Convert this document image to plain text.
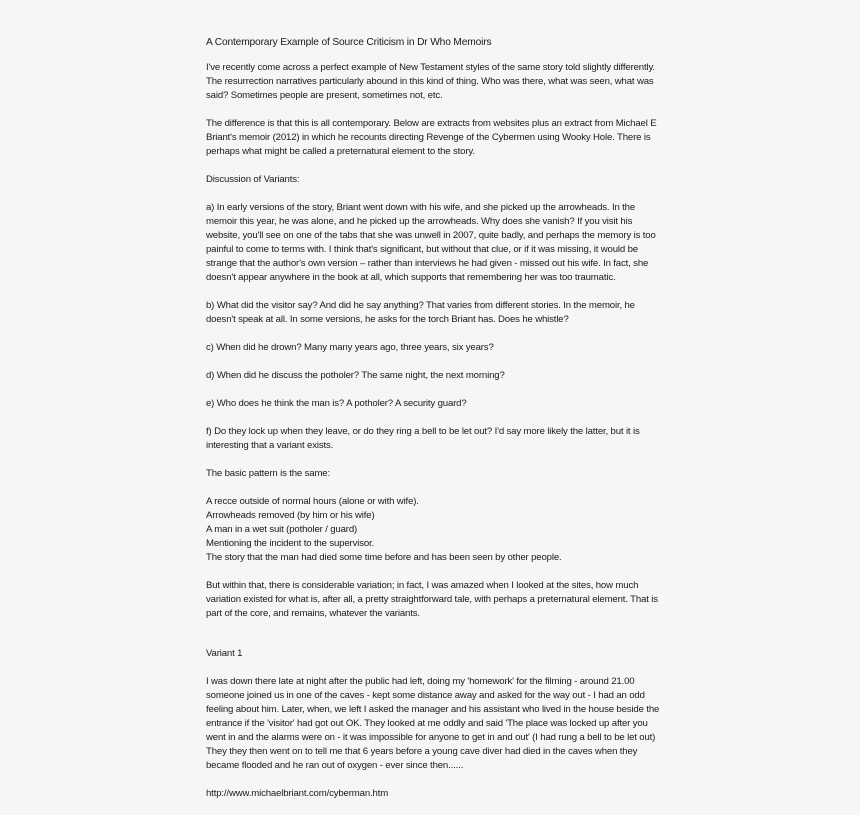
A Contemporary Example of Source Criticism in Dr Who Memoirs

I've recently come across a perfect example of New Testament styles of the same story told slightly differently. The resurrection narratives particularly abound in this kind of thing. Who was there, what was seen, what was said? Sometimes people are present, sometimes not, etc.

The difference is that this is all contemporary. Below are extracts from websites plus an extract from Michael E Briant's memoir (2012) in which he recounts directing Revenge of the Cybermen using Wooky Hole. There is perhaps what might be called a preternatural element to the story.

Discussion of Variants:

a) In early versions of the story, Briant went down with his wife, and she picked up the arrowheads. In the memoir this year, he was alone, and he picked up the arrowheads. Why does she vanish? If you visit his website, you'll see on one of the tabs that she was unwell in 2007, quite badly, and perhaps the memory is too painful to come to terms with. I think that's significant, but without that clue, or if it was missing, it would be strange that the author's own version – rather than interviews he had given - missed out his wife. In fact, she doesn't appear anywhere in the book at all, which supports that remembering her was too traumatic.

b) What did the visitor say? And did he say anything? That varies from different stories. In the memoir, he doesn't speak at all. In some versions, he asks for the torch Briant has. Does he whistle?

c) When did he drown? Many many years ago, three years, six years?

d) When did he discuss the potholer? The same night, the next morning?

e) Who does he think the man is? A potholer? A security guard?

f) Do they lock up when they leave, or do they ring a bell to be let out? I'd say more likely the latter, but it is interesting that a variant exists.

The basic pattern is the same:

A recce outside of normal hours (alone or with wife).
Arrowheads removed (by him or his wife)
A man in a wet suit (potholer / guard)
Mentioning the incident to the supervisor.
The story that the man had died some time before and has been seen by other people.

But within that, there is considerable variation; in fact, I was amazed when I looked at the sites, how much variation existed for what is, after all, a pretty straightforward tale, with perhaps a preternatural element. That is part of the core, and remains, whatever the variants.

Variant 1

I was down there late at night after the public had left, doing my 'homework' for the filming - around 21.00 someone joined us in one of the caves - kept some distance away and asked for the way out - I had an odd feeling about him. Later, when, we left I asked the manager and his assistant who lived in the house beside the entrance if the 'visitor' had got out OK. They looked at me oddly and said 'The place was locked up after you went in and the alarms were on - it was impossible for anyone to get in and out' (I had rung a bell to be let out) They they then went on to tell me that 6 years before a young cave diver had died in the caves when they became flooded and he ran out of oxygen - ever since then......

http://www.michaelbriant.com/cyberman.htm
